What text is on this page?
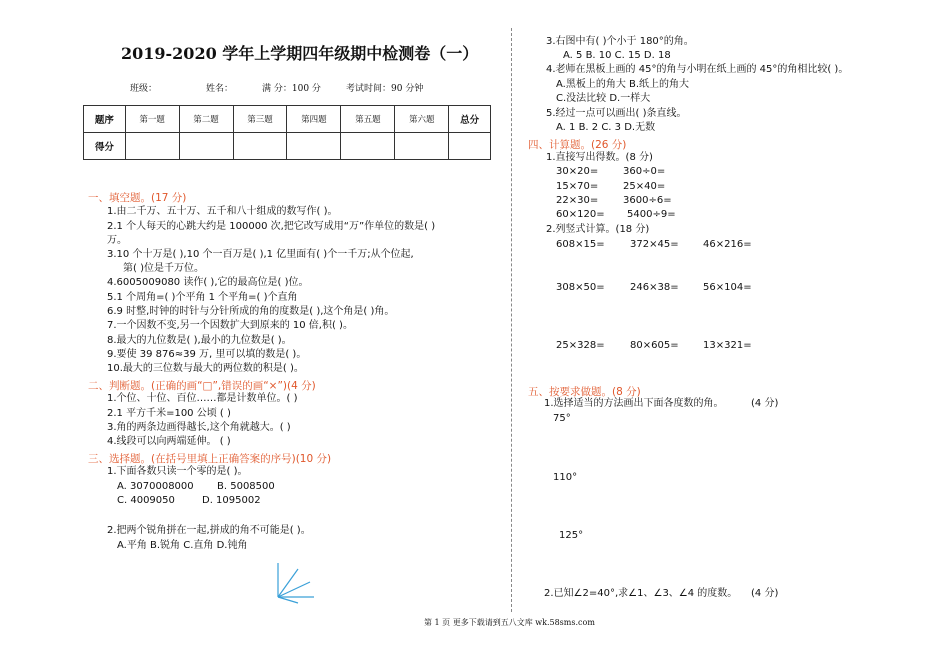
2019-2020 学年上学期四年级期中检测卷（一）
班级：	姓名：	满 分：100 分	考试时间：90 分钟
题序	第一题	第二题	第三题	第四题	第五题	第六题	总分
得分							
一、填空题。(17 分)
1.由二千万、五十万、五千和八十组成的数写作( )。
2.1 个人每天的心跳大约是 100000 次,把它改写成用“万”作单位的数是( )
万。
3.10 个十万是( ),10 个一百万是( ),1 亿里面有( )个一千万;从个位起,
第( )位是千万位。
4.6005009080 读作( ),它的最高位是( )位。
5.1 个周角=( )个平角 1 个平角=( )个直角
6.9 时整,时钟的时针与分针所成的角的度数是( ),这个角是( )角。
7.一个因数不变,另一个因数扩大到原来的 10 倍,积( )。
8.最大的九位数是( ),最小的九位数是( )。
9.要使 39 876≈39 万, 里可以填的数是( )。
10.最大的三位数与最大的两位数的积是( )。
二、判断题。(正确的画“□”,错误的画“×”)(4 分)
1.个位、十位、百位……都是计数单位。( )
2.1 平方千米=100 公顷 ( )
3.角的两条边画得越长,这个角就越大。( )
4.线段可以向两端延伸。 ( )
三、选择题。(在括号里填上正确答案的序号)(10 分)
1.下面各数只读一个零的是( )。
A. 3070008000 B. 5008500
C. 4009050	D. 1095002
2.把两个锐角拼在一起,拼成的角不可能是( )。
A.平角 B.锐角 C.直角 D.钝角
3.右图中有( )个小于 180°的角。
A. 5 B. 10 C. 15 D. 18
4.老师在黑板上画的 45°的角与小明在纸上画的 45°的角相比较( )。
A.黑板上的角大 B.纸上的角大
C.没法比较 D.一样大
5.经过一点可以画出( )条直线。
A. 1 B. 2 C. 3 D.无数
四、计算题。(26 分)
1.直接写出得数。(8 分)
30×20= 360÷0=
15×70= 25×40=
22×30= 3600÷6=
60×120= 5400÷9=
2.列竖式计算。(18 分)
608×15=	372×45= 46×216=
308×50=	246×38= 56×104=
25×328=	80×605= 13×321=
五、按要求做题。(8 分)
1.选择适当的方法画出下面各度数的角。	(4 分)
75°
110°
125°
2.已知∠2=40°,求∠1、∠3、∠4 的度数。 (4 分)
第 1 页 更多下载请到五八文库 wk.58sms.com
